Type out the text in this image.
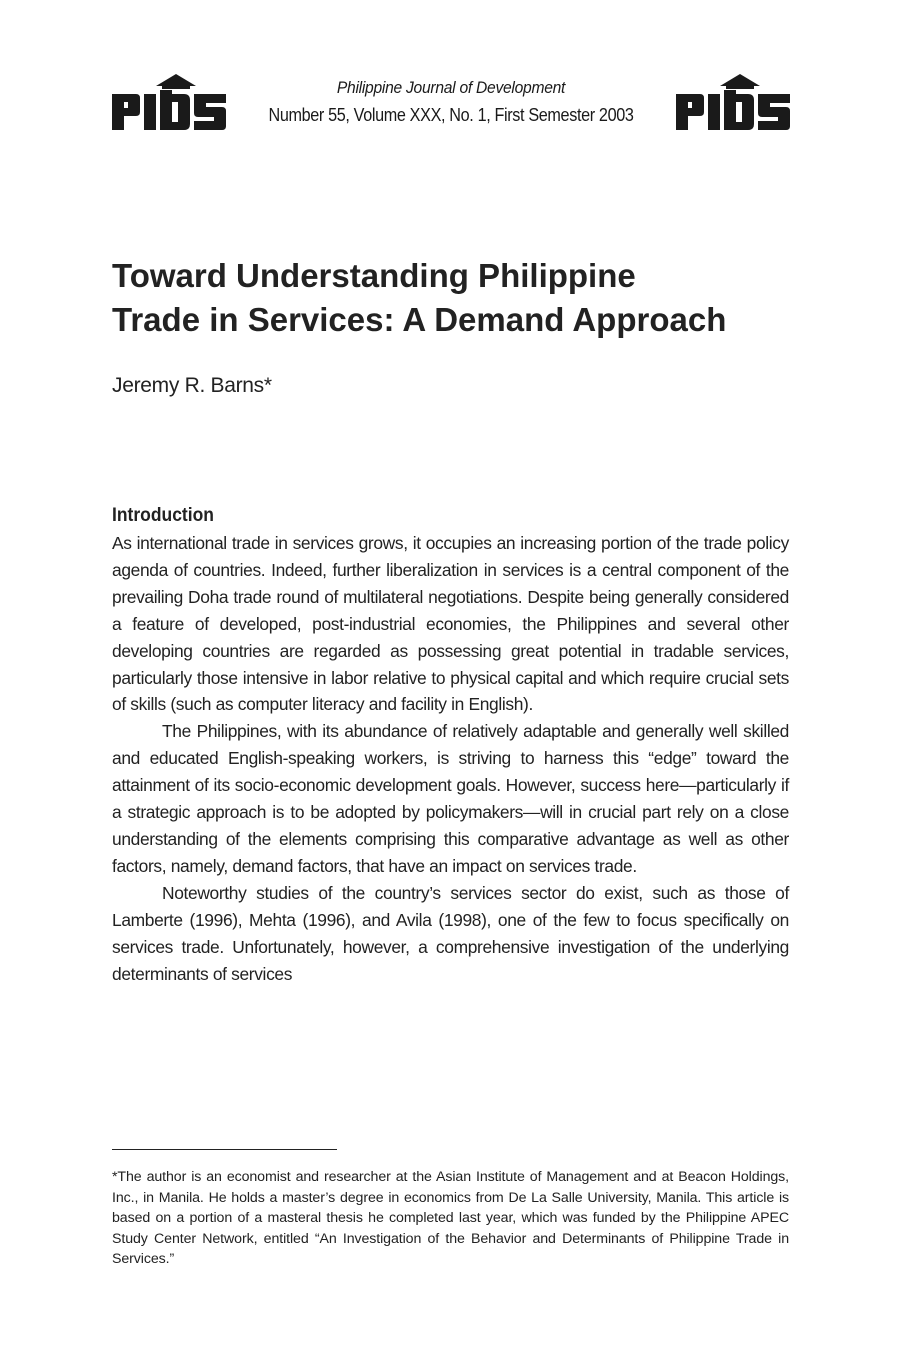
Philippine Journal of Development
Number 55, Volume XXX, No. 1, First Semester 2003
Toward Understanding Philippine
Trade in Services: A Demand Approach
Jeremy R. Barns*
Introduction

As international trade in services grows, it occupies an increasing portion of the trade policy agenda of countries. Indeed, further liberalization in services is a central component of the prevailing Doha trade round of multilateral negotiations. Despite being generally considered a feature of developed, post-industrial economies, the Philippines and several other developing countries are regarded as possessing great potential in tradable services, particularly those intensive in labor relative to physical capital and which require crucial sets of skills (such as computer literacy and facility in English).

The Philippines, with its abundance of relatively adaptable and generally well skilled and educated English-speaking workers, is striving to harness this “edge” toward the attainment of its socio-economic development goals. However, success here—particularly if a strategic approach is to be adopted by policymakers—will in crucial part rely on a close understanding of the elements comprising this comparative advantage as well as other factors, namely, demand factors, that have an impact on services trade.

Noteworthy studies of the country’s services sector do exist, such as those of Lamberte (1996), Mehta (1996), and Avila (1998), one of the few to focus specifically on services trade. Unfortunately, however, a comprehensive investigation of the underlying determinants of services

*The author is an economist and researcher at the Asian Institute of Management and at Beacon Holdings, Inc., in Manila. He holds a master’s degree in economics from De La Salle University, Manila. This article is based on a portion of a masteral thesis he completed last year, which was funded by the Philippine APEC Study Center Network, entitled “An Investigation of the Behavior and Determinants of Philippine Trade in Services.”
